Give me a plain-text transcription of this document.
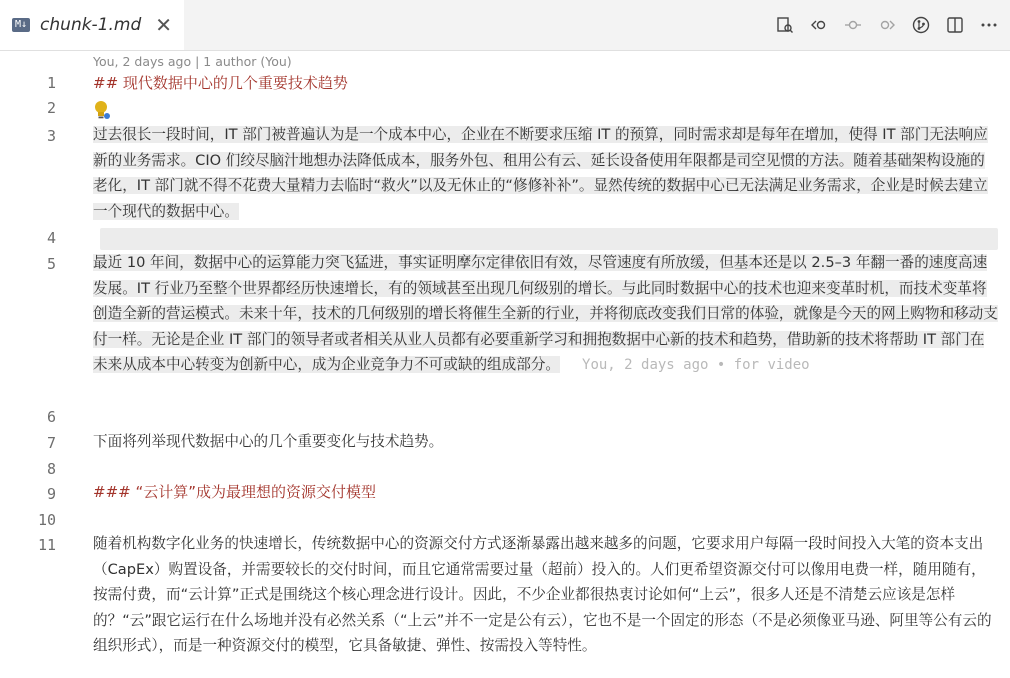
M↓ chunk-1.md ✕
You, 2 days ago | 1 author (You)
1 ## 现代数据中心的几个重要技术趋势
2
3	过去很长一段时间，IT 部门被普遍认为是一个成本中心，企业在不断要求压缩 IT 的预算，同时需求却是每年在增加，使得 IT 部门无法响应新的业务需求。CIO 们绞尽脑汁地想办法降低成本，服务外包、租用公有云、延长设备使用年限都是司空见惯的方法。随着基础架构设施的老化，IT 部门就不得不花费大量精力去临时“救火”以及无休止的“修修补补”。显然传统的数据中心已无法满足业务需求，企业是时候去建立一个现代的数据中心。
4
5	最近 10 年间，数据中心的运算能力突飞猛进，事实证明摩尔定律依旧有效，尽管速度有所放缓，但基本还是以 2.5–3 年翻一番的速度高速发展。IT 行业乃至整个世界都经历快速增长，有的领域甚至出现几何级别的增长。与此同时数据中心的技术也迎来变革时机，而技术变革将创造全新的营运模式。未来十年，技术的几何级别的增长将催生全新的行业，并将彻底改变我们日常的体验，就像是今天的网上购物和移动支付一样。无论是企业 IT 部门的领导者或者相关从业人员都有必要重新学习和拥抱数据中心新的技术和趋势，借助新的技术将帮助 IT 部门在未来从成本中心转变为创新中心，成为企业竞争力不可或缺的组成部分。 You, 2 days ago • for video
6
7	下面将列举现代数据中心的几个重要变化与技术趋势。
8
9 ### “云计算”成为最理想的资源交付模型
10
11	随着机构数字化业务的快速增长，传统数据中心的资源交付方式逐渐暴露出越来越多的问题，它要求用户每隔一段时间投入大笔的资本支出（CapEx）购置设备，并需要较长的交付时间，而且它通常需要过量（超前）投入的。人们更希望资源交付可以像用电费一样，随用随有，按需付费，而“云计算”正式是围绕这个核心理念进行设计。因此，不少企业都很热衷讨论如何“上云”，很多人还是不清楚云应该是怎样的？“云”跟它运行在什么场地并没有必然关系（“上云”并不一定是公有云），它也不是一个固定的形态（不是必须像亚马逊、阿里等公有云的组织形式），而是一种资源交付的模型，它具备敏捷、弹性、按需投入等特性。
